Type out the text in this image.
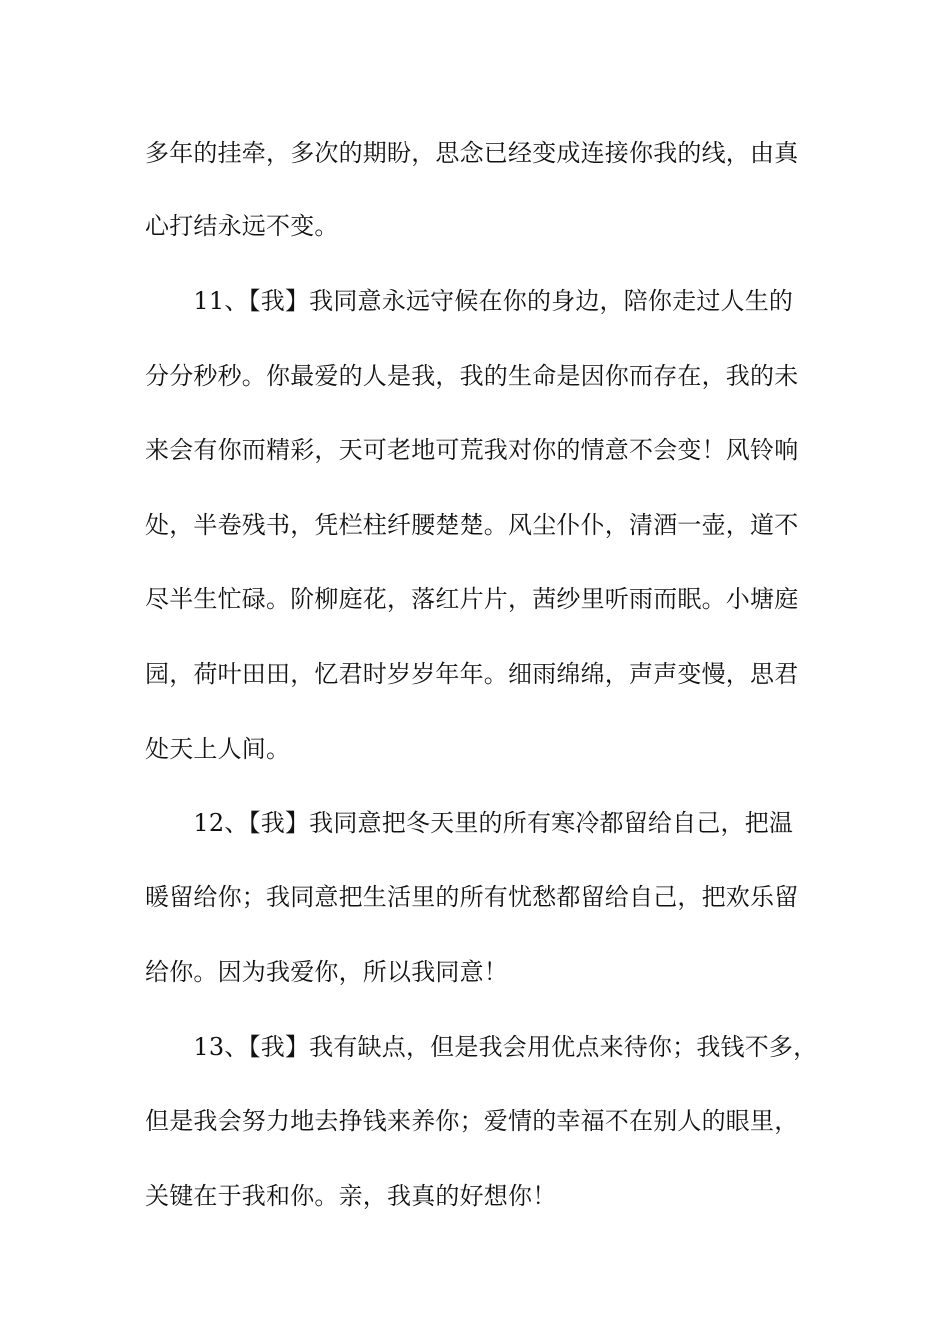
多年的挂牵，多次的期盼，思念已经变成连接你我的线，由真
心打结永远不变。
　　11、【我】我同意永远守候在你的身边，陪你走过人生的
分分秒秒。你最爱的人是我，我的生命是因你而存在，我的未
来会有你而精彩，天可老地可荒我对你的情意不会变！风铃响
处，半卷残书，凭栏柱纤腰楚楚。风尘仆仆，清酒一壶，道不
尽半生忙碌。阶柳庭花，落红片片，茜纱里听雨而眠。小塘庭
园，荷叶田田，忆君时岁岁年年。细雨绵绵，声声变慢，思君
处天上人间。
　　12、【我】我同意把冬天里的所有寒冷都留给自己，把温
暖留给你；我同意把生活里的所有忧愁都留给自己，把欢乐留
给你。因为我爱你，所以我同意！
　　13、【我】我有缺点，但是我会用优点来待你；我钱不多，
但是我会努力地去挣钱来养你；爱情的幸福不在别人的眼里，
关键在于我和你。亲，我真的好想你！
